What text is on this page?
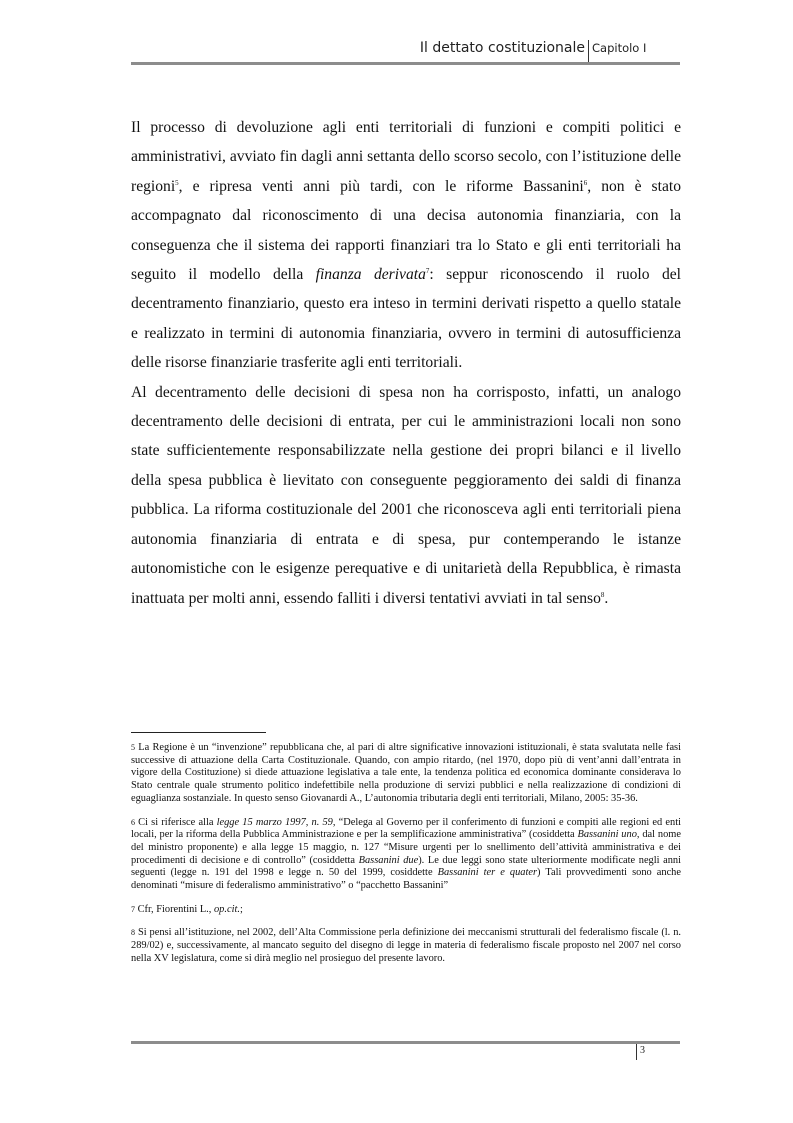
Il dettato costituzionale Capitolo I

Il processo di devoluzione agli enti territoriali di funzioni e compiti politici e amministrativi, avviato fin dagli anni settanta dello scorso secolo, con l’istituzione delle regioni$^5$, e ripresa venti anni più tardi, con le riforme Bassanini$^6$, non è stato accompagnato dal riconoscimento di una decisa autonomia finanziaria, con la conseguenza che il sistema dei rapporti finanziari tra lo Stato e gli enti territoriali ha seguito il modello della finanza derivata$^7$: seppur riconoscendo il ruolo del decentramento finanziario, questo era inteso in termini derivati rispetto a quello statale e realizzato in termini di autonomia finanziaria, ovvero in termini di autosufficienza delle risorse finanziarie trasferite agli enti territoriali.

Al decentramento delle decisioni di spesa non ha corrisposto, infatti, un analogo decentramento delle decisioni di entrata, per cui le amministrazioni locali non sono state sufficientemente responsabilizzate nella gestione dei propri bilanci e il livello della spesa pubblica è lievitato con conseguente peggioramento dei saldi di finanza pubblica. La riforma costituzionale del 2001 che riconosceva agli enti territoriali piena autonomia finanziaria di entrata e di spesa, pur contemperando le istanze autonomistiche con le esigenze perequative e di unitarietà della Repubblica, è rimasta inattuata per molti anni, essendo falliti i diversi tentativi avviati in tal senso$^8$.

5 La Regione è un “invenzione” repubblicana che, al pari di altre significative innovazioni istituzionali, è stata svalutata nelle fasi successive di attuazione della Carta Costituzionale. Quando, con ampio ritardo, (nel 1970, dopo più di vent’anni dall’entrata in vigore della Costituzione) si diede attuazione legislativa a tale ente, la tendenza politica ed economica dominante considerava lo Stato centrale quale strumento politico indefettibile nella produzione di servizi pubblici e nella realizzazione di condizioni di eguaglianza sostanziale. In questo senso Giovanardi A., L’autonomia tributaria degli enti territoriali, Milano, 2005: 35-36.

6 Ci si riferisce alla legge 15 marzo 1997, n. 59, “Delega al Governo per il conferimento di funzioni e compiti alle regioni ed enti locali, per la riforma della Pubblica Amministrazione e per la semplificazione amministrativa” (cosiddetta Bassanini uno, dal nome del ministro proponente) e alla legge 15 maggio, n. 127 “Misure urgenti per lo snellimento dell’attività amministrativa e dei procedimenti di decisione e di controllo” (cosiddetta Bassanini due). Le due leggi sono state ulteriormente modificate negli anni seguenti (legge n. 191 del 1998 e legge n. 50 del 1999, cosiddette Bassanini ter e quater) Tali provvedimenti sono anche denominati “misure di federalismo amministrativo” o “pacchetto Bassanini”

7 Cfr, Fiorentini L., op.cit.;

8 Si pensi all’istituzione, nel 2002, dell’Alta Commissione perla definizione dei meccanismi strutturali del federalismo fiscale (l. n. 289/02) e, successivamente, al mancato seguito del disegno di legge in materia di federalismo fiscale proposto nel 2007 nel corso nella XV legislatura, come si dirà meglio nel prosieguo del presente lavoro.

3
